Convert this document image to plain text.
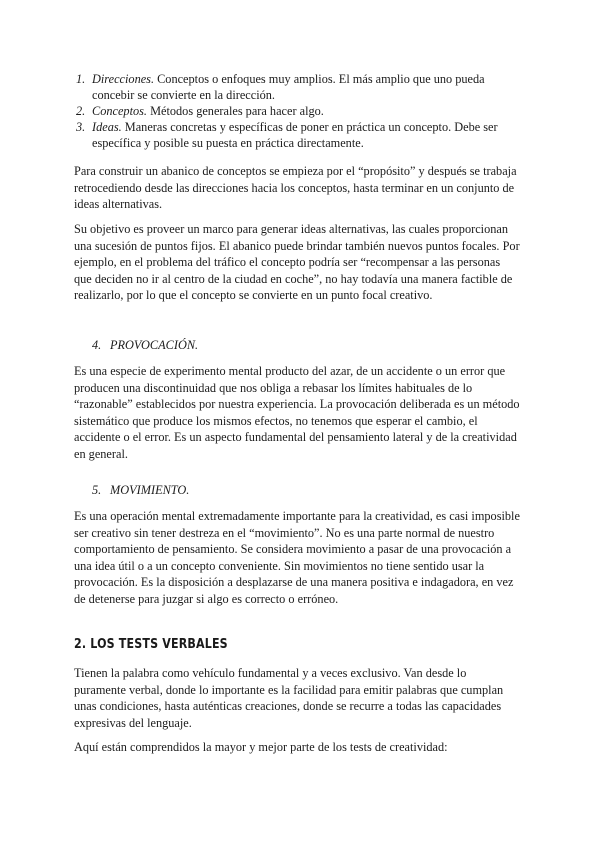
1. Direcciones. Conceptos o enfoques muy amplios. El más amplio que uno pueda concebir se convierte en la dirección.
2. Conceptos. Métodos generales para hacer algo.
3. Ideas. Maneras concretas y específicas de poner en práctica un concepto. Debe ser específica y posible su puesta en práctica directamente.

Para construir un abanico de conceptos se empieza por el “propósito” y después se trabaja retrocediendo desde las direcciones hacia los conceptos, hasta terminar en un conjunto de ideas alternativas.

Su objetivo es proveer un marco para generar ideas alternativas, las cuales proporcionan una sucesión de puntos fijos. El abanico puede brindar también nuevos puntos focales. Por ejemplo, en el problema del tráfico el concepto podría ser “recompensar a las personas que deciden no ir al centro de la ciudad en coche”, no hay todavía una manera factible de realizarlo, por lo que el concepto se convierte en un punto focal creativo.

4. PROVOCACIÓN.

Es una especie de experimento mental producto del azar, de un accidente o un error que producen una discontinuidad que nos obliga a rebasar los límites habituales de lo “razonable” establecidos por nuestra experiencia. La provocación deliberada es un método sistemático que produce los mismos efectos, no tenemos que esperar el cambio, el accidente o el error. Es un aspecto fundamental del pensamiento lateral y de la creatividad en general.

5. MOVIMIENTO.

Es una operación mental extremadamente importante para la creatividad, es casi imposible ser creativo sin tener destreza en el “movimiento”. No es una parte normal de nuestro comportamiento de pensamiento. Se considera movimiento a pasar de una provocación a una idea útil o a un concepto conveniente. Sin movimientos no tiene sentido usar la provocación. Es la disposición a desplazarse de una manera positiva e indagadora, en vez de detenerse para juzgar si algo es correcto o erróneo.

2. LOS TESTS VERBALES

Tienen la palabra como vehículo fundamental y a veces exclusivo. Van desde lo puramente verbal, donde lo importante es la facilidad para emitir palabras que cumplan unas condiciones, hasta auténticas creaciones, donde se recurre a todas las capacidades expresivas del lenguaje.

Aquí están comprendidos la mayor y mejor parte de los tests de creatividad:
